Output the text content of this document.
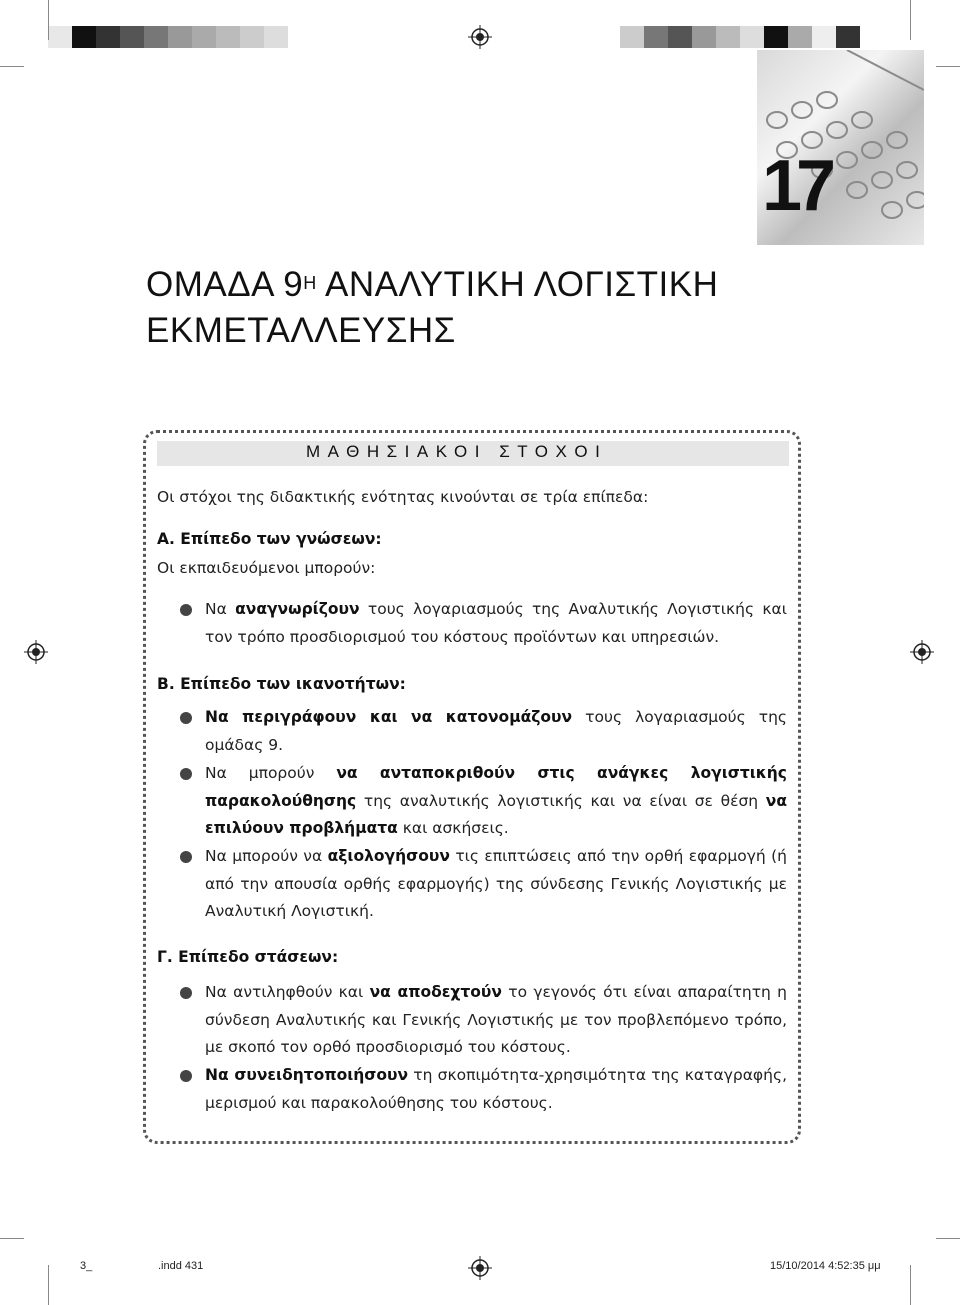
17
ΟΜΑΔΑ $9^H$ ΑΝΑΛΥΤΙΚΗ ΛΟΓΙΣΤΙΚΗ
ΕΚΜΕΤΑΛΛΕΥΣΗΣ
ΜΑΘΗΣΙΑΚΟΙ ΣΤΟΧΟΙ
Οι στόχοι της διδακτικής ενότητας κινούνται σε τρία επίπεδα:
Α. Επίπεδο των γνώσεων:
Οι εκπαιδευόμενοι μπορούν:
Να αναγνωρίζουν τους λογαριασμούς της Αναλυτικής Λογιστικής και τον τρόπο προσδιορισμού του κόστους προϊόντων και υπηρεσιών.
Β. Επίπεδο των ικανοτήτων:
Να περιγράφουν και να κατονομάζουν τους λογαριασμούς της ομάδας 9.
Να μπορούν να ανταποκριθούν στις ανάγκες λογιστικής παρακολούθησης της αναλυτικής λογιστικής και να είναι σε θέση να επιλύουν προβλήματα και ασκήσεις.
Να μπορούν να αξιολογήσουν τις επιπτώσεις από την ορθή εφαρμογή (ή από την απουσία ορθής εφαρμογής) της σύνδεσης Γενικής Λογιστικής με Αναλυτική Λογιστική.
Γ. Επίπεδο στάσεων:
Να αντιληφθούν και να αποδεχτούν το γεγονός ότι είναι απαραίτητη η σύνδεση Αναλυτικής και Γενικής Λογιστικής με τον προβλεπόμενο τρόπο, με σκοπό τον ορθό προσδιορισμό του κόστους.
Να συνειδητοποιήσουν τη σκοπιμότητα-χρησιμότητα της καταγραφής, μερισμού και παρακολούθησης του κόστους.
3_	.indd 431	15/10/2014 4:52:35 μμ
